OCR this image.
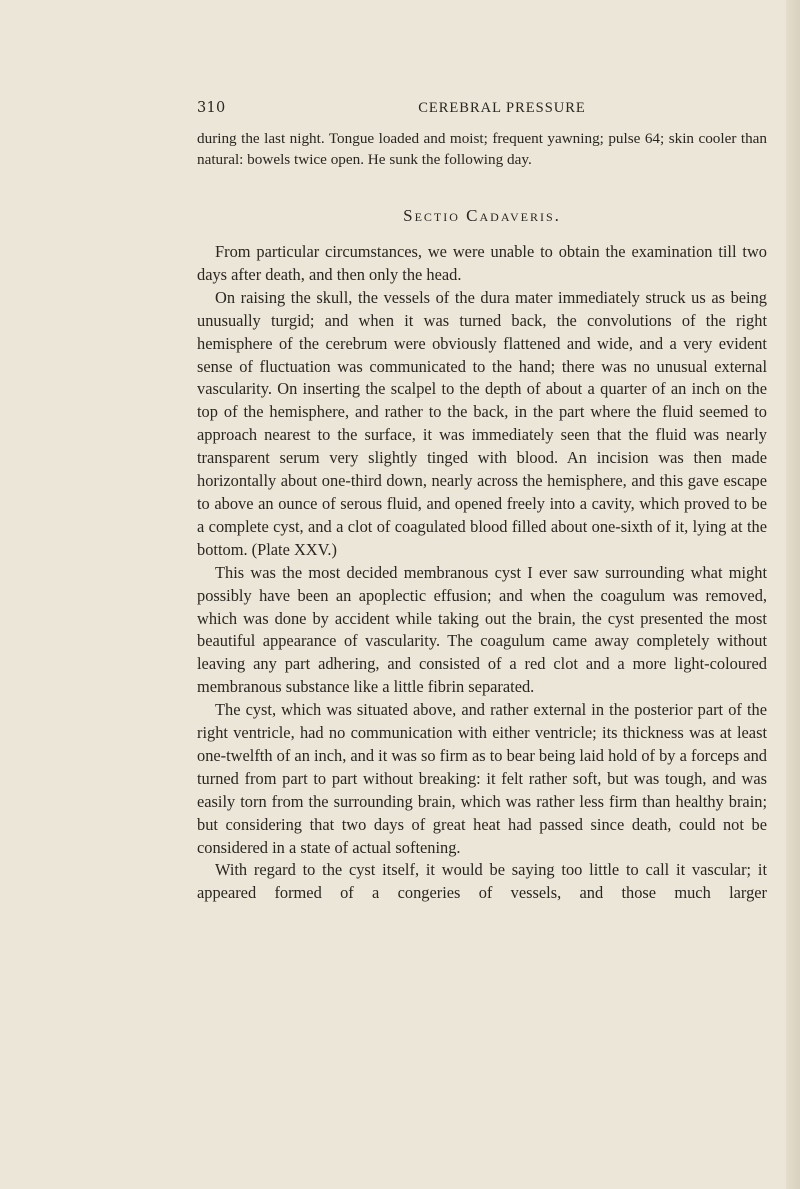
310	CEREBRAL PRESSURE

during the last night. Tongue loaded and moist; frequent yawning; pulse 64; skin cooler than natural: bowels twice open. He sunk the following day.

Sectio Cadaveris.

From particular circumstances, we were unable to obtain the examination till two days after death, and then only the head.

On raising the skull, the vessels of the dura mater immediately struck us as being unusually turgid; and when it was turned back, the convolutions of the right hemisphere of the cerebrum were obviously flattened and wide, and a very evident sense of fluctuation was communicated to the hand; there was no unusual external vascularity. On inserting the scalpel to the depth of about a quarter of an inch on the top of the hemisphere, and rather to the back, in the part where the fluid seemed to approach nearest to the surface, it was immediately seen that the fluid was nearly transparent serum very slightly tinged with blood. An incision was then made horizontally about one-third down, nearly across the hemisphere, and this gave escape to above an ounce of serous fluid, and opened freely into a cavity, which proved to be a complete cyst, and a clot of coagulated blood filled about one-sixth of it, lying at the bottom. (Plate XXV.)

This was the most decided membranous cyst I ever saw surrounding what might possibly have been an apoplectic effusion; and when the coagulum was removed, which was done by accident while taking out the brain, the cyst presented the most beautiful appearance of vascularity. The coagulum came away completely without leaving any part adhering, and consisted of a red clot and a more light-coloured membranous substance like a little fibrin separated.

The cyst, which was situated above, and rather external in the posterior part of the right ventricle, had no communication with either ventricle; its thickness was at least one-twelfth of an inch, and it was so firm as to bear being laid hold of by a forceps and turned from part to part without breaking: it felt rather soft, but was tough, and was easily torn from the surrounding brain, which was rather less firm than healthy brain; but considering that two days of great heat had passed since death, could not be considered in a state of actual softening.

With regard to the cyst itself, it would be saying too little to call it vascular; it appeared formed of a congeries of vessels, and those much larger
